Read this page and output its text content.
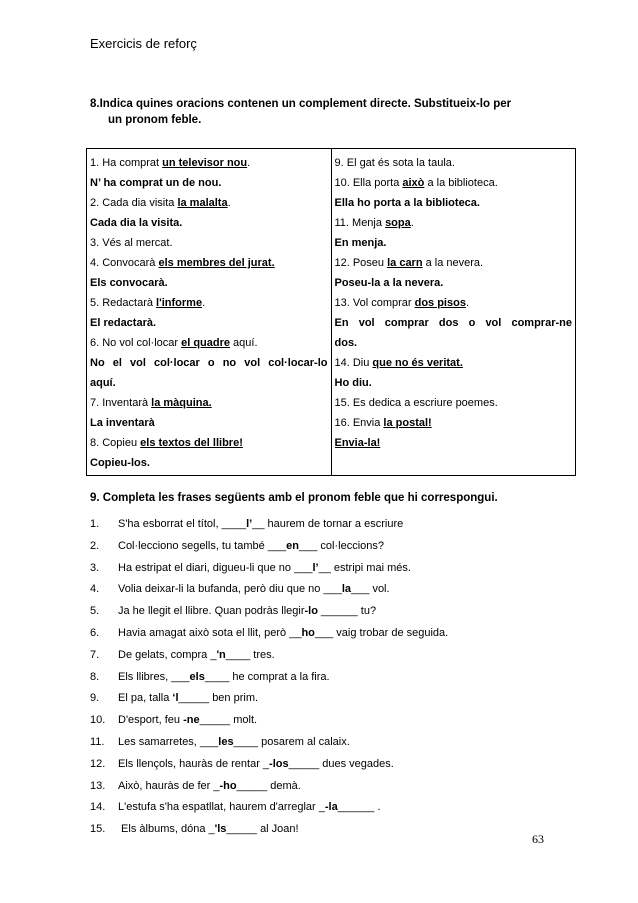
Exercicis de reforç
8.Indica quines oracions contenen un complement directe. Substitueix-lo per
un pronom feble.
1. Ha comprat un televisor nou.
N’ ha comprat un de nou.
2. Cada dia visita la malalta.
Cada dia la visita.
3. Vés al mercat.
4. Convocarà els membres del jurat.
Els convocarà.
5. Redactarà l'informe.
El redactarà.
6. No vol col·locar el quadre aquí.
No el vol col·locar o no vol col·locar-lo
aquí.
7. Inventarà la màquina.
La inventarà
8. Copieu els textos del llibre!
Copieu-los.

9. El gat és sota la taula.
10. Ella porta això a la biblioteca.
Ella ho porta a la biblioteca.
11. Menja sopa.
En menja.
12. Poseu la carn a la nevera.
Poseu-la a la nevera.
13. Vol comprar dos pisos.
En vol comprar dos o vol comprar-ne
dos.
14. Diu que no és veritat.
Ho diu.
15. Es dedica a escriure poemes.
16. Envia la postal!
Envia-la!
9. Completa les frases següents amb el pronom feble que hi correspongui.
1. S'ha esborrat el títol, ____l’__ haurem de tornar a escriure
2. Col·lecciono segells, tu també ___en___ col·leccions?
3. Ha estripat el diari, digueu-li que no ___l’__ estripi mai més.
4. Volia deixar-li la bufanda, però diu que no ___la___ vol.
5. Ja he llegit el llibre. Quan podràs llegir-lo ______ tu?
6. Havia amagat això sota el llit, però __ho___ vaig trobar de seguida.
7. De gelats, compra _'n____ tres.
8. Els llibres, ___els____ he comprat a la fira.
9. El pa, talla ‘l_____ ben prim.
10. D'esport, feu -ne_____ molt.
11. Les samarretes, ___les____ posarem al calaix.
12. Els llençols, hauràs de rentar _-los_____ dues vegades.
13. Això, hauràs de fer _-ho_____ demà.
14. L'estufa s'ha espatllat, haurem d'arreglar _-la______ .
15. Els àlbums, dóna _'ls_____ al Joan!
63
